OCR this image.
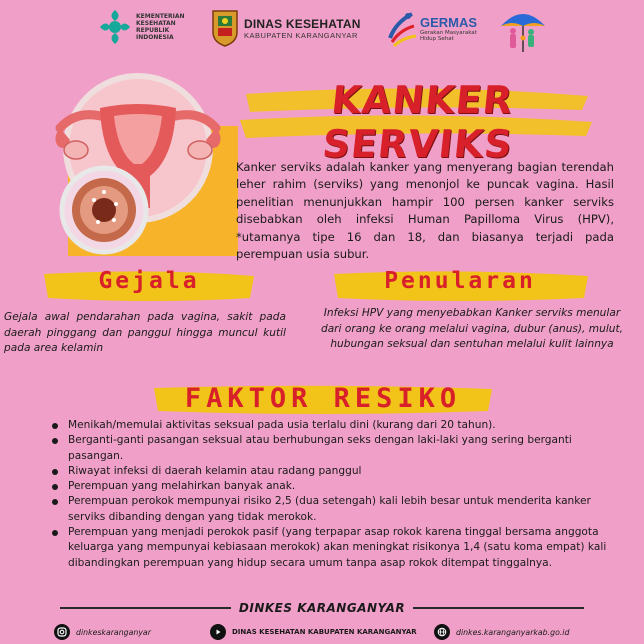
KEMENTERIAN
KESEHATAN
REPUBLIK
INDONESIA
DINAS KESEHATAN
KABUPATEN KARANGANYAR
GERMAS
Gerakan Masyarakat Hidup Sehat
KANKER SERVIKS
Kanker serviks adalah kanker yang menyerang bagian terendah leher rahim (serviks) yang menonjol ke puncak vagina. Hasil penelitian menunjukkan hampir 100 persen kanker serviks disebabkan oleh infeksi Human Papilloma Virus (HPV), *utamanya tipe 16 dan 18, dan biasanya terjadi pada perempuan usia subur.
Gejala
Gejala awal pendarahan pada vagina, sakit pada daerah pinggang dan panggul hingga muncul kutil pada area kelamin
Penularan
Infeksi HPV yang menyebabkan Kanker serviks menular dari orang ke orang melalui vagina, dubur (anus), mulut, hubungan seksual dan sentuhan melalui kulit lainnya
FAKTOR RESIKO
Menikah/memulai aktivitas seksual pada usia terlalu dini (kurang dari 20 tahun).
Berganti-ganti pasangan seksual atau berhubungan seks dengan laki-laki yang sering berganti pasangan.
Riwayat infeksi di daerah kelamin atau radang panggul
Perempuan yang melahirkan banyak anak.
Perempuan perokok mempunyai risiko 2,5 (dua setengah) kali lebih besar untuk menderita kanker serviks dibanding dengan yang tidak merokok.
Perempuan yang menjadi perokok pasif (yang terpapar asap rokok karena tinggal bersama anggota keluarga yang mempunyai kebiasaan merokok) akan meningkat risikonya 1,4 (satu koma empat) kali dibandingkan perempuan yang hidup secara umum tanpa asap rokok ditempat tinggalnya.
DINKES KARANGANYAR
dinkeskaranganyar	DINAS KESEHATAN KABUPATEN KARANGANYAR	dinkes.karanganyarkab.go.id
